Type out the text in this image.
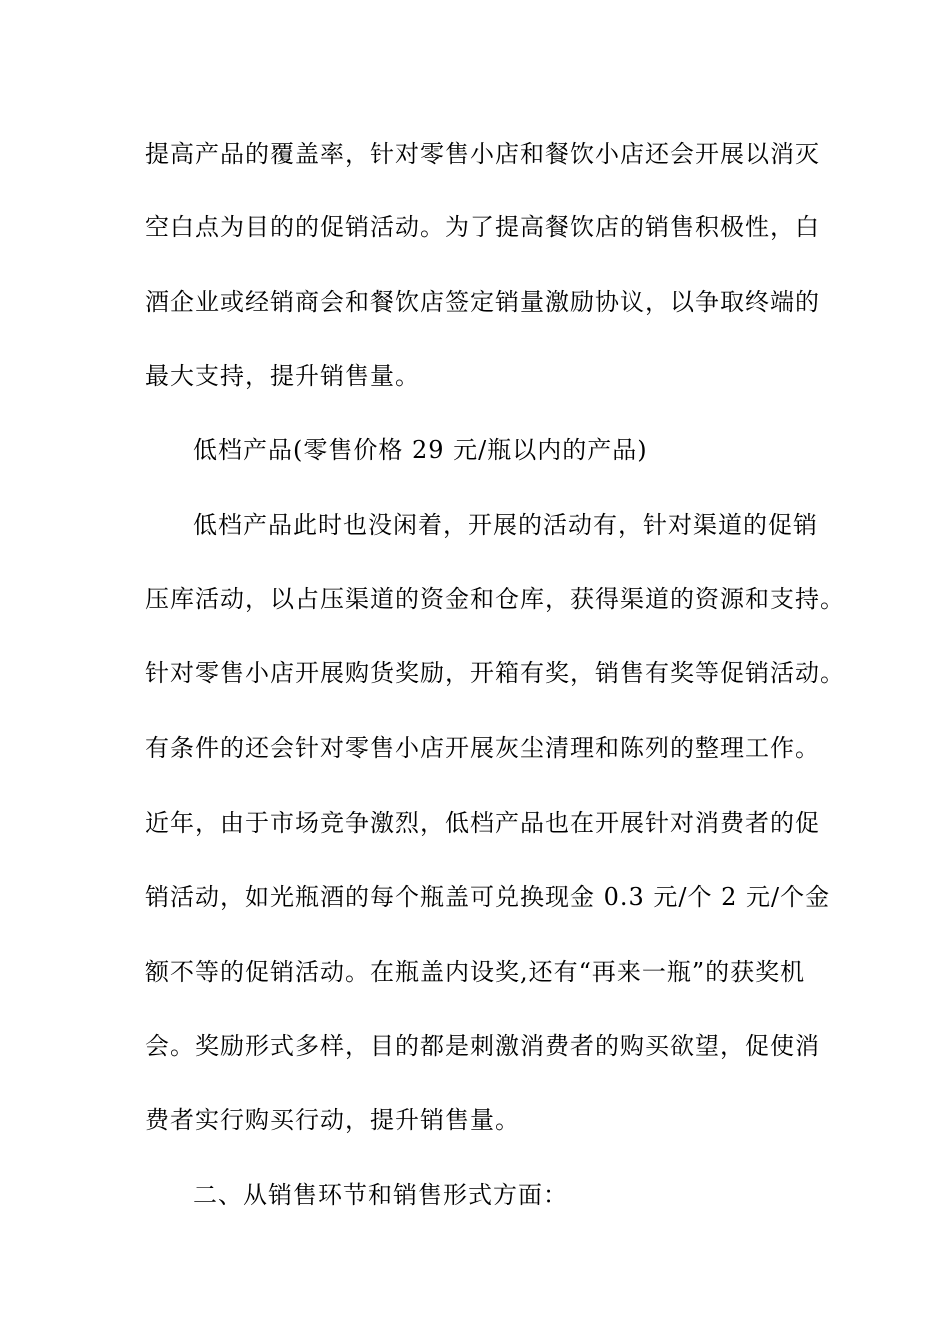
提高产品的覆盖率，针对零售小店和餐饮小店还会开展以消灭
空白点为目的的促销活动。为了提高餐饮店的销售积极性，白
酒企业或经销商会和餐饮店签定销量激励协议，以争取终端的
最大支持，提升销售量。
低档产品(零售价格 29 元/瓶以内的产品)
低档产品此时也没闲着，开展的活动有，针对渠道的促销
压库活动，以占压渠道的资金和仓库，获得渠道的资源和支持。
针对零售小店开展购货奖励，开箱有奖，销售有奖等促销活动。
有条件的还会针对零售小店开展灰尘清理和陈列的整理工作。
近年，由于市场竞争激烈，低档产品也在开展针对消费者的促
销活动，如光瓶酒的每个瓶盖可兑换现金 0.3 元/个 2 元/个金
额不等的促销活动。在瓶盖内设奖,还有“再来一瓶”的获奖机
会。奖励形式多样，目的都是刺激消费者的购买欲望，促使消
费者实行购买行动，提升销售量。
二、从销售环节和销售形式方面：
